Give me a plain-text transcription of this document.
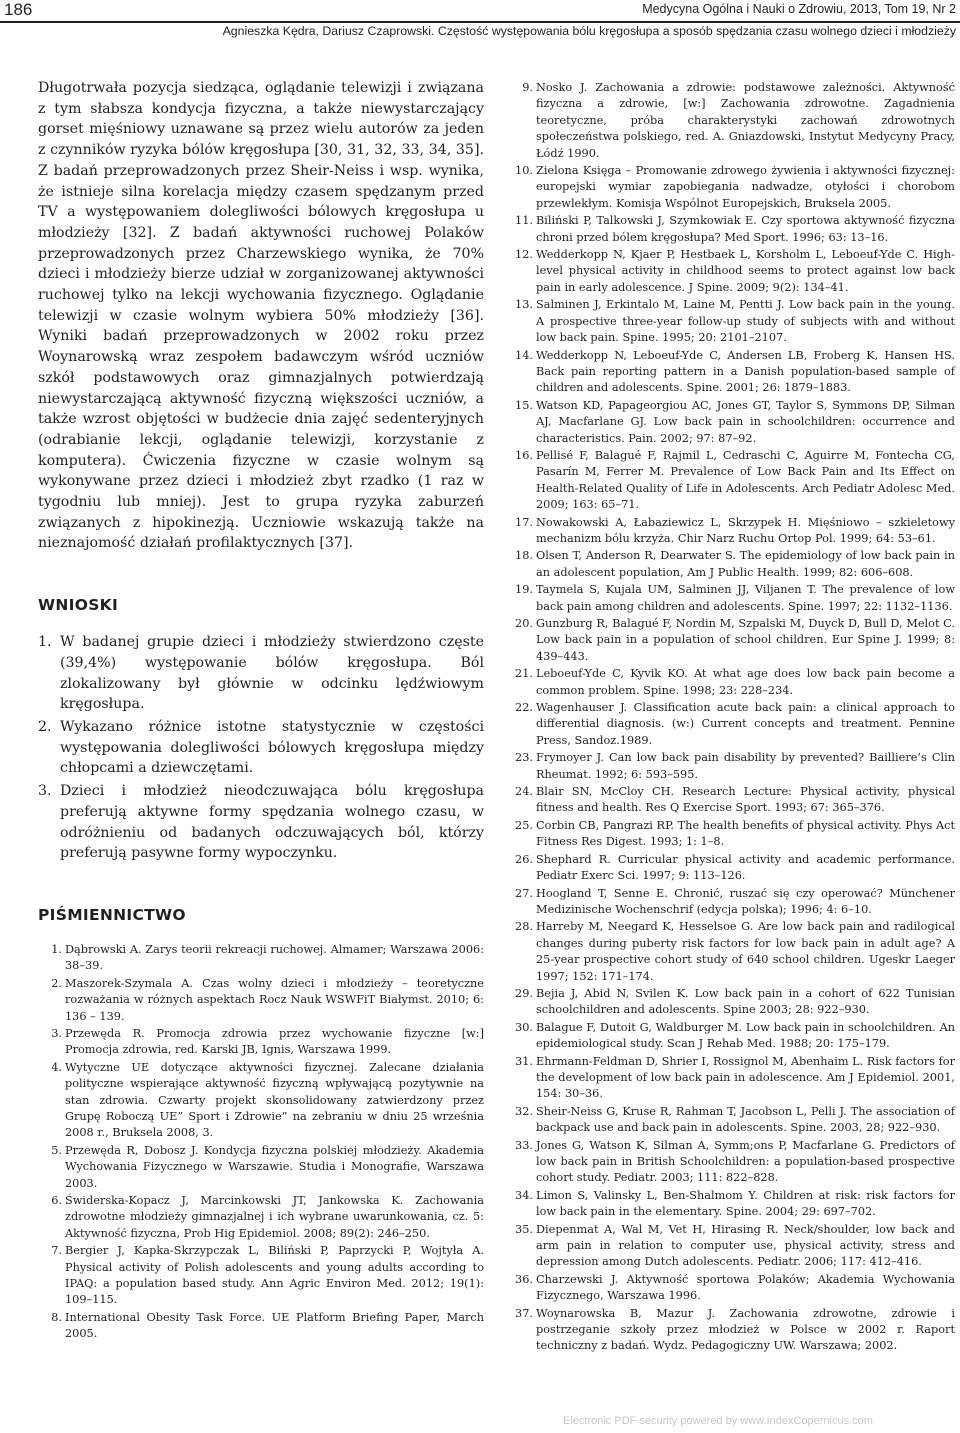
186	Medycyna Ogólna i Nauki o Zdrowiu, 2013, Tom 19, Nr 2
Agnieszka Kędra, Dariusz Czaprowski. Częstość występowania bólu kręgosłupa a sposób spędzania czasu wolnego dzieci i młodzieży

Długotrwała pozycja siedząca, oglądanie telewizji i związana z tym słabsza kondycja fizyczna, a także niewystarczający gorset mięśniowy uznawane są przez wielu autorów za jeden z czynników ryzyka bólów kręgosłupa [30, 31, 32, 33, 34, 35]. Z badań przeprowadzonych przez Sheir-Neiss i wsp. wynika, że istnieje silna korelacja między czasem spędzanym przed TV a występowaniem dolegliwości bólowych kręgosłupa u młodzieży [32]. Z badań aktywności ruchowej Polaków przeprowadzonych przez Charzewskiego wynika, że 70% dzieci i młodzieży bierze udział w zorganizowanej aktywności ruchowej tylko na lekcji wychowania fizycznego. Oglądanie telewizji w czasie wolnym wybiera 50% młodzieży [36]. Wyniki badań przeprowadzonych w 2002 roku przez Woynarowską wraz zespołem badawczym wśród uczniów szkół podstawowych oraz gimnazjalnych potwierdzają niewystarczającą aktywność fizyczną większości uczniów, a także wzrost objętości w budżecie dnia zajęć sedenteryjnych (odrabianie lekcji, oglądanie telewizji, korzystanie z komputera). Ćwiczenia fizyczne w czasie wolnym są wykonywane przez dzieci i młodzież zbyt rzadko (1 raz w tygodniu lub mniej). Jest to grupa ryzyka zaburzeń związanych z hipokinezją. Uczniowie wskazują także na nieznajomość działań profilaktycznych [37].

WNIOSKI
1. W badanej grupie dzieci i młodzieży stwierdzono częste (39,4%) występowanie bólów kręgosłupa. Ból zlokalizowany był głównie w odcinku lędźwiowym kręgosłupa.
2. Wykazano różnice istotne statystycznie w częstości występowania dolegliwości bólowych kręgosłupa między chłopcami a dziewczętami.
3. Dzieci i młodzież nieodczuwająca bólu kręgosłupa preferują aktywne formy spędzania wolnego czasu, w odróżnieniu od badanych odczuwających ból, którzy preferują pasywne formy wypoczynku.
PIŚMIENNICTWO
1. Dąbrowski A. Zarys teorii rekreacji ruchowej. Almamer; Warszawa 2006: 38–39.
2. Maszorek-Szymala A. Czas wolny dzieci i młodzieży – teoretyczne rozważania w różnych aspektach Rocz Nauk WSWFiT Białymst. 2010; 6: 136 – 139.
3. Przewęda R. Promocja zdrowia przez wychowanie fizyczne [w:] Promocja zdrowia, red. Karski JB, Ignis, Warszawa 1999.
4. Wytyczne UE dotyczące aktywności fizycznej. Zalecane działania polityczne wspierające aktywność fizyczną wpływającą pozytywnie na stan zdrowia. Czwarty projekt skonsolidowany zatwierdzony przez Grupę Roboczą UE” Sport i Zdrowie” na zebraniu w dniu 25 września 2008 r., Bruksela 2008, 3.
5. Przewęda R, Dobosz J. Kondycja fizyczna polskiej młodzieży. Akademia Wychowania Fizycznego w Warszawie. Studia i Monografie, Warszawa 2003.
6. Świderska-Kopacz J, Marcinkowski JT, Jankowska K. Zachowania zdrowotne młodzieży gimnazjalnej i ich wybrane uwarunkowania, cz. 5: Aktywność fizyczna, Prob Hig Epidemiol. 2008; 89(2): 246–250.
7. Bergier J, Kapka-Skrzypczak L, Biliński P, Paprzycki P, Wojtyła A. Physical activity of Polish adolescents and young adults according to IPAQ: a population based study. Ann Agric Environ Med. 2012; 19(1): 109–115.
8. International Obesity Task Force. UE Platform Briefing Paper, March 2005.
9. Nosko J. Zachowania a zdrowie: podstawowe zależności. Aktywność fizyczna a zdrowie, [w:] Zachowania zdrowotne. Zagadnienia teoretyczne, próba charakterystyki zachowań zdrowotnych społeczeństwa polskiego, red. A. Gniazdowski, Instytut Medycyny Pracy, Łódź 1990.
10. Zielona Księga – Promowanie zdrowego żywienia i aktywności fizycznej: europejski wymiar zapobiegania nadwadze, otyłości i chorobom przewlekłym. Komisja Wspólnot Europejskich, Bruksela 2005.
11. Biliński P, Talkowski J, Szymkowiak E. Czy sportowa aktywność fizyczna chroni przed bólem kręgosłupa? Med Sport. 1996; 63: 13–16.
12. Wedderkopp N, Kjaer P, Hestbaek L, Korsholm L, Leboeuf-Yde C. High-level physical activity in childhood seems to protect against low back pain in early adolescence. J Spine. 2009; 9(2): 134–41.
13. Salminen J, Erkintalo M, Laine M, Pentti J. Low back pain in the young. A prospective three-year follow-up study of subjects with and without low back pain. Spine. 1995; 20: 2101–2107.
14. Wedderkopp N, Leboeuf-Yde C, Andersen LB, Froberg K, Hansen HS. Back pain reporting pattern in a Danish population-based sample of children and adolescents. Spine. 2001; 26: 1879–1883.
15. Watson KD, Papageorgiou AC, Jones GT, Taylor S, Symmons DP, Silman AJ, Macfarlane GJ. Low back pain in schoolchildren: occurrence and characteristics. Pain. 2002; 97: 87–92.
16. Pellisé F, Balagué F, Rajmil L, Cedraschi C, Aguirre M, Fontecha CG, Pasarín M, Ferrer M. Prevalence of Low Back Pain and Its Effect on Health-Related Quality of Life in Adolescents. Arch Pediatr Adolesc Med. 2009; 163: 65–71.
17. Nowakowski A, Łabaziewicz L, Skrzypek H. Mięśniowo – szkieletowy mechanizm bólu krzyża. Chir Narz Ruchu Ortop Pol. 1999; 64: 53–61.
18. Olsen T, Anderson R, Dearwater S. The epidemiology of low back pain in an adolescent population, Am J Public Health. 1999; 82: 606–608.
19. Taymela S, Kujala UM, Salminen JJ, Viljanen T. The prevalence of low back pain among children and adolescents. Spine. 1997; 22: 1132–1136.
20. Gunzburg R, Balagué F, Nordin M, Szpalski M, Duyck D, Bull D, Melot C. Low back pain in a population of school children. Eur Spine J. 1999; 8: 439–443.
21. Leboeuf-Yde C, Kyvik KO. At what age does low back pain become a common problem. Spine. 1998; 23: 228–234.
22. Wagenhauser J. Classification acute back pain: a clinical approach to differential diagnosis. (w:) Current concepts and treatment. Pennine Press, Sandoz.1989.
23. Frymoyer J. Can low back pain disability by prevented? Bailliere’s Clin Rheumat. 1992; 6: 593–595.
24. Blair SN, McCloy CH. Research Lecture: Physical activity, physical fitness and health. Res Q Exercise Sport. 1993; 67: 365–376.
25. Corbin CB, Pangrazi RP. The health benefits of physical activity. Phys Act Fitness Res Digest. 1993; 1: 1–8.
26. Shephard R. Curricular physical activity and academic performance. Pediatr Exerc Sci. 1997; 9: 113–126.
27. Hoogland T, Senne E. Chronić, ruszać się czy operować? Münchener Medizinische Wochenschrif (edycja polska); 1996; 4: 6–10.
28. Harreby M, Neegard K, Hesselsoe G. Are low back pain and radilogical changes during puberty risk factors for low back pain in adult age? A 25-year prospective cohort study of 640 school children. Ugeskr Laeger 1997; 152: 171–174.
29. Bejia J, Abid N, Svilen K. Low back pain in a cohort of 622 Tunisian schoolchildren and adolescents. Spine 2003; 28: 922–930.
30. Balague F, Dutoit G, Waldburger M. Low back pain in schoolchildren. An epidemiological study. Scan J Rehab Med. 1988; 20: 175–179.
31. Ehrmann-Feldman D, Shrier I, Rossignol M, Abenhaim L. Risk factors for the development of low back pain in adolescence. Am J Epidemiol. 2001, 154: 30–36.
32. Sheir-Neiss G, Kruse R, Rahman T, Jacobson L, Pelli J. The association of backpack use and back pain in adolescents. Spine. 2003, 28; 922–930.
33. Jones G, Watson K, Silman A, Symm;ons P, Macfarlane G. Predictors of low back pain in British Schoolchildren: a population-based prospective cohort study. Pediatr. 2003; 111: 822–828.
34. Limon S, Valinsky L, Ben-Shalmom Y. Children at risk: risk factors for low back pain in the elementary. Spine. 2004; 29: 697–702.
35. Diepenmat A, Wal M, Vet H, Hirasing R. Neck/shoulder, low back and arm pain in relation to computer use, physical activity, stress and depression among Dutch adolescents. Pediatr. 2006; 117: 412–416.
36. Charzewski J. Aktywność sportowa Polaków; Akademia Wychowania Fizycznego, Warszawa 1996.
37. Woynarowska B, Mazur J. Zachowania zdrowotne, zdrowie i postrzeganie szkoły przez młodzież w Polsce w 2002 r. Raport techniczny z badań. Wydz. Pedagogiczny UW. Warszawa; 2002.
Electronic PDF security powered by www.IndexCopernicus.com
